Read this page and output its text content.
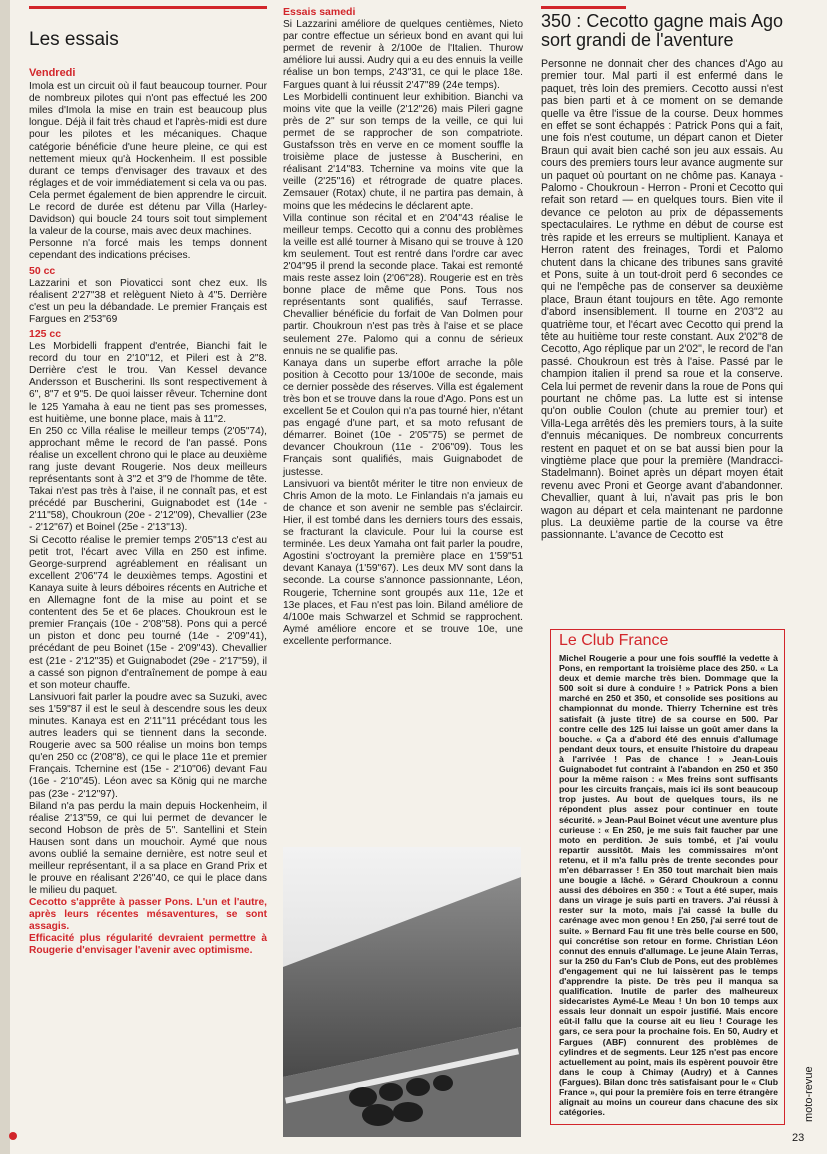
Les essais
Vendredi

Imola est un circuit où il faut beaucoup tourner. Pour de nombreux pilotes qui n'ont pas effectué les 200 miles d'Imola la mise en train est beaucoup plus longue. Déjà il fait très chaud et l'après-midi est dure pour les pilotes et les mécaniques. Chaque catégorie bénéficie d'une heure pleine, ce qui est nettement mieux qu'à Hockenheim. Il est possible durant ce temps d'envisager des travaux et des réglages et de voir immédiatement si cela va ou pas. Cela permet également de bien apprendre le circuit. Le record de durée est détenu par Villa (Harley-Davidson) qui boucle 24 tours soit tout simplement la valeur de la course, mais avec deux machines.

Personne n'a forcé mais les temps donnent cependant des indications précises.

50 cc

Lazzarini et son Piovaticci sont chez eux. Ils réalisent 2'27"38 et relèguent Nieto à 4"5. Derrière c'est un peu la débandade. Le premier Français est Fargues en 2'53"69

125 cc

Les Morbidelli frappent d'entrée, Bianchi fait le record du tour en 2'10"12, et Pileri est à 2"8. Derrière c'est le trou. Van Kessel devance Andersson et Buscherini. Ils sont respectivement à 6", 8"7 et 9"5. De quoi laisser rêveur. Tchernine dont le 125 Yamaha à eau ne tient pas ses promesses, est huitième, une bonne place, mais à 11"2.

En 250 cc Villa réalise le meilleur temps (2'05"74), approchant même le record de l'an passé. Pons réalise un excellent chrono qui le place au deuxième rang juste devant Rougerie. Nos deux meilleurs représentants sont à 3"2 et 3"9 de l'homme de tête. Takai n'est pas très à l'aise, il ne connaît pas, et est précédé par Buscherini, Guignabodet est (14e - 2'11"58), Choukroun (20e - 2'12"09), Chevallier (23e - 2'12"67) et Boinel (25e - 2'13"13).

Si Cecotto réalise le premier temps 2'05"13 c'est au petit trot, l'écart avec Villa en 250 est infime. George-surprend agréablement en réalisant un excellent 2'06"74 le deuxièmes temps. Agostini et Kanaya suite à leurs déboires récents en Autriche et en Allemagne font de la mise au point et se contentent des 5e et 6e places. Choukroun est le premier Français (10e - 2'08"58). Pons qui a percé un piston et donc peu tourné (14e - 2'09"41), précédant de peu Boinet (15e - 2'09"43). Chevallier est (21e - 2'12"35) et Guignabodet (29e - 2'17"59), il a cassé son pignon d'entraînement de pompe à eau et son moteur chauffe.

Lansivuori fait parler la poudre avec sa Suzuki, avec ses 1'59"87 il est le seul à descendre sous les deux minutes. Kanaya est en 2'11"11 précédant tous les autres leaders qui se tiennent dans la seconde. Rougerie avec sa 500 réalise un moins bon temps qu'en 250 cc (2'08"8), ce qui le place 11e et premier Français. Tchernine est (15e - 2'10"06) devant Fau (16e - 2'10"45). Léon avec sa König qui ne marche pas (23e - 2'12"97).

Biland n'a pas perdu la main depuis Hockenheim, il réalise 2'13"59, ce qui lui permet de devancer le second Hobson de près de 5". Santellini et Stein Hausen sont dans un mouchoir. Aymé que nous avons oublié la semaine dernière, est notre seul et meilleur représentant, il a sa place en Grand Prix et le prouve en réalisant 2'26"40, ce qui le place dans le milieu du paquet.

Cecotto s'apprête à passer Pons. L'un et l'autre, après leurs récentes mésaventures, se sont assagis.

Efficacité plus régularité devraient permettre à Rougerie d'envisager l'avenir avec optimisme.

Essais samedi

Si Lazzarini améliore de quelques centièmes, Nieto par contre effectue un sérieux bond en avant qui lui permet de revenir à 2/100e de l'Italien. Thurow améliore lui aussi. Audry qui a eu des ennuis la veille réalise un bon temps, 2'43"31, ce qui le place 18e. Fargues quant à lui réussit 2'47"89 (24e temps).

Les Morbidelli continuent leur exhibition. Bianchi va moins vite que la veille (2'12"26) mais Pileri gagne près de 2" sur son temps de la veille, ce qui lui permet de se rapprocher de son compatriote. Gustafsson très en verve en ce moment souffle la troisième place de justesse à Buscherini, en réalisant 2'14"83. Tchernine va moins vite que la veille (2'25"16) et rétrograde de quatre places. Zemsauer (Rotax) chute, il ne partira pas demain, à moins que les médecins le déclarent apte.

Villa continue son récital et en 2'04"43 réalise le meilleur temps. Cecotto qui a connu des problèmes la veille est allé tourner à Misano qui se trouve à 120 km seulement. Tout est rentré dans l'ordre car avec 2'04"95 il prend la seconde place. Takai est remonté mais reste assez loin (2'06"28). Rougerie est en très bonne place de même que Pons. Tous nos représentants sont qualifiés, sauf Terrasse. Chevallier bénéficie du forfait de Van Dolmen pour partir. Choukroun n'est pas très à l'aise et se place seulement 27e. Palomo qui a connu de sérieux ennuis ne se qualifie pas.

Kanaya dans un superbe effort arrache la pôle position à Cecotto pour 13/100e de seconde, mais ce dernier possède des réserves. Villa est également très bon et se trouve dans la roue d'Ago. Pons est un excellent 5e et Coulon qui n'a pas tourné hier, n'étant pas engagé d'une part, et sa moto refusant de démarrer. Boinet (10e - 2'05"75) se permet de devancer Choukroun (11e - 2'06"09). Tous les Français sont qualifiés, mais Guignabodet de justesse.

Lansivuori va bientôt mériter le titre non envieux de Chris Amon de la moto. Le Finlandais n'a jamais eu de chance et son avenir ne semble pas s'éclaircir. Hier, il est tombé dans les derniers tours des essais, se fracturant la clavicule. Pour lui la course est terminée. Les deux Yamaha ont fait parler la poudre, Agostini s'octroyant la première place en 1'59"51 devant Kanaya (1'59"67). Les deux MV sont dans la seconde. La course s'annonce passionnante, Léon, Rougerie, Tchernine sont groupés aux 11e, 12e et 13e places, et Fau n'est pas loin. Biland améliore de 4/100e mais Schwarzel et Schmid se rapprochent. Aymé améliore encore et se trouve 10e, une excellente performance.

350 : Cecotto gagne mais Ago sort grandi de l'aventure

Personne ne donnait cher des chances d'Ago au premier tour. Mal parti il est enfermé dans le paquet, très loin des premiers. Cecotto aussi n'est pas bien parti et à ce moment on se demande quelle va être l'issue de la course. Deux hommes en effet se sont échappés : Patrick Pons qui a fait, une fois n'est coutume, un départ canon et Dieter Braun qui avait bien caché son jeu aux essais. Au cours des premiers tours leur avance augmente sur un paquet où pourtant on ne chôme pas. Kanaya - Palomo - Choukroun - Herron - Proni et Cecotto qui refait son retard — en quelques tours. Bien vite il devance ce peloton au prix de dépassements spectaculaires. Le rythme en début de course est très rapide et les erreurs se multiplient. Kanaya et Herron ratent des freinages, Tordi et Palomo chutent dans la chicane des tribunes sans gravité et Pons, suite à un tout-droit perd 6 secondes ce qui ne l'empêche pas de conserver sa deuxième place, Braun étant toujours en tête. Ago remonte d'abord insensiblement. Il tourne en 2'03"2 au quatrième tour, et l'écart avec Cecotto qui prend la tête au huitième tour reste constant. Aux 2'02"8 de Cecotto, Ago réplique par un 2'02", le record de l'an passé. Choukroun est très à l'aise. Passé par le champion italien il prend sa roue et la conserve. Cela lui permet de revenir dans la roue de Pons qui pourtant ne chôme pas. La lutte est si intense qu'on oublie Coulon (chute au premier tour) et Villa-Lega arrêtés dès les premiers tours, à la suite d'ennuis mécaniques. De nombreux concurrents restent en paquet et on se bat aussi bien pour la vingtième place que pour la première (Mandracci-Stadelmann). Boinet après un départ moyen était revenu avec Proni et George avant d'abandonner. Chevallier, quant à lui, n'avait pas pris le bon wagon au départ et cela maintenant ne pardonne plus. La deuxième partie de la course va être passionnante. L'avance de Cecotto est

Le Club France

Michel Rougerie a pour une fois soufflé la vedette à Pons, en remportant la troisième place des 250. « La deux et demie marche très bien. Dommage que la 500 soit si dure à conduire ! » Patrick Pons a bien marché en 250 et 350, et consolide ses positions au championnat du monde. Thierry Tchernine est très satisfait (à juste titre) de sa course en 500. Par contre celle des 125 lui laisse un goût amer dans la bouche. « Ça a d'abord été des ennuis d'allumage pendant deux tours, et ensuite l'histoire du drapeau à l'arrivée ! Pas de chance ! » Jean-Louis Guignabodet fut contraint à l'abandon en 250 et 350 pour la même raison : « Mes freins sont suffisants pour les circuits français, mais ici ils sont beaucoup trop justes. Au bout de quelques tours, ils ne répondent plus assez pour continuer en toute sécurité. » Jean-Paul Boinet vécut une aventure plus curieuse : « En 250, je me suis fait faucher par une moto en perdition. Je suis tombé, et j'ai voulu repartir aussitôt. Mais les commissaires m'ont retenu, et il m'a fallu près de trente secondes pour m'en débarrasser ! En 350 tout marchait bien mais une bougie a lâché. » Gérard Choukroun a connu aussi des déboires en 350 : « Tout a été super, mais dans un virage je suis parti en travers. J'ai réussi à rester sur la moto, mais j'ai cassé la bulle du carénage avec mon genou ! En 250, j'ai serré tout de suite. » Bernard Fau fit une très belle course en 500, qui concrétise son retour en forme. Christian Léon connut des ennuis d'allumage. Le jeune Alain Terras, sur la 250 du Fan's Club de Pons, eut des problèmes d'engagement qui ne lui laissèrent pas le temps d'apprendre la piste. De très peu il manqua sa qualification. Inutile de parler des malheureux sidecaristes Aymé-Le Meau ! Un bon 10 temps aux essais leur donnait un espoir justifié. Mais encore eût-il fallu que la course ait eu lieu ! Courage les gars, ce sera pour la prochaine fois. En 50, Audry et Fargues (ABF) connurent des problèmes de cylindres et de segments. Leur 125 n'est pas encore actuellement au point, mais ils espèrent pouvoir être dans le coup à Chimay (Audry) et à Cannes (Fargues). Bilan donc très satisfaisant pour le « Club France », qui pour la première fois en terre étrangère alignait au moins un coureur dans chacune des six catégories.	moto-revue
23
